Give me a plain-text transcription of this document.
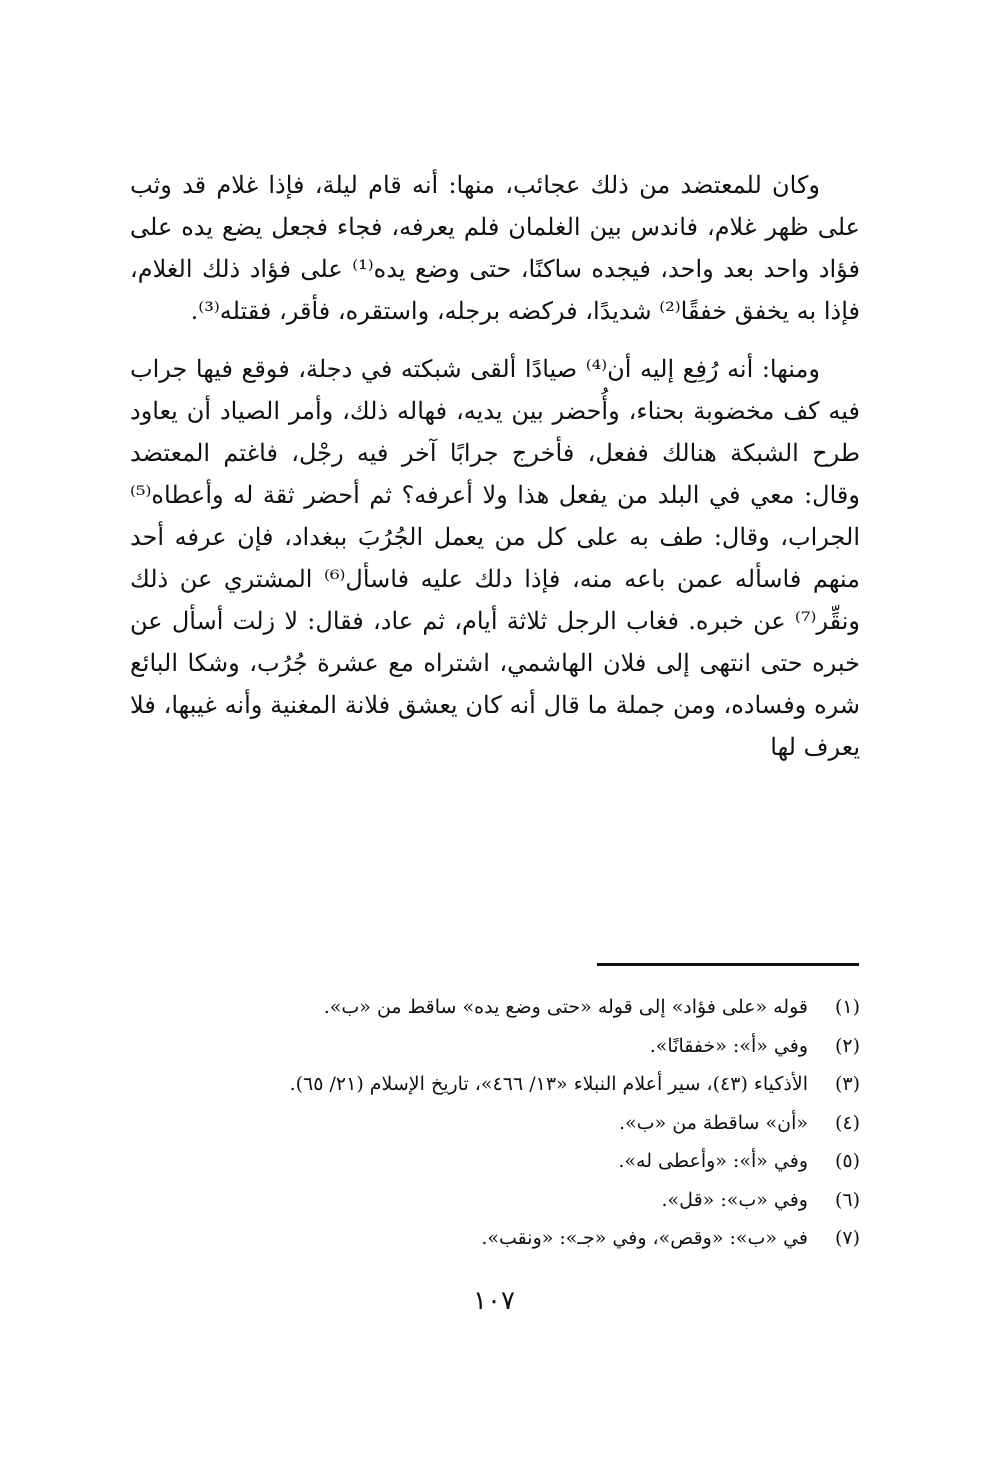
وكان للمعتضد من ذلك عجائب، منها: أنه قام ليلة، فإذا غلام قد وثب على ظهر غلام، فاندس بين الغلمان فلم يعرفه، فجاء فجعل يضع يده على فؤاد واحد بعد واحد، فيجده ساكنًا، حتى وضع يده⁽¹⁾ على فؤاد ذلك الغلام، فإذا به يخفق خفقًا⁽²⁾ شديدًا، فركضه برجله، واستقره، فأقر، فقتله⁽³⁾.

ومنها: أنه رُفِع إليه أن⁽⁴⁾ صيادًا ألقى شبكته في دجلة، فوقع فيها جراب فيه كف مخضوبة بحناء، وأُحضر بين يديه، فهاله ذلك، وأمر الصياد أن يعاود طرح الشبكة هنالك ففعل، فأخرج جرابًا آخر فيه رجْل، فاغتم المعتضد وقال: معي في البلد من يفعل هذا ولا أعرفه؟ ثم أحضر ثقة له وأعطاه⁽⁵⁾ الجراب، وقال: طف به على كل من يعمل الجُرُبَ ببغداد، فإن عرفه أحد منهم فاسأله عمن باعه منه، فإذا دلك عليه فاسأل⁽⁶⁾ المشتري عن ذلك ونقِّر⁽⁷⁾ عن خبره. فغاب الرجل ثلاثة أيام، ثم عاد، فقال: لا زلت أسأل عن خبره حتى انتهى إلى فلان الهاشمي، اشتراه مع عشرة جُرُب، وشكا البائع شره وفساده، ومن جملة ما قال أنه كان يعشق فلانة المغنية وأنه غيبها، فلا يعرف لها

(١)
قوله «على فؤاد» إلى قوله «حتى وضع يده» ساقط من «ب».
(٢)
وفي «أ»: «خفقانًا».
(٣)
الأذكياء (٤٣)، سير أعلام النبلاء «١٣/ ٤٦٦»، تاريخ الإسلام (٢١/ ٦٥).
(٤)
«أن» ساقطة من «ب».
(٥)
وفي «أ»: «وأعطى له».
(٦)
وفي «ب»: «قل».
(٧)
في «ب»: «وقص»، وفي «جـ»: «ونقب».
١٠٧
